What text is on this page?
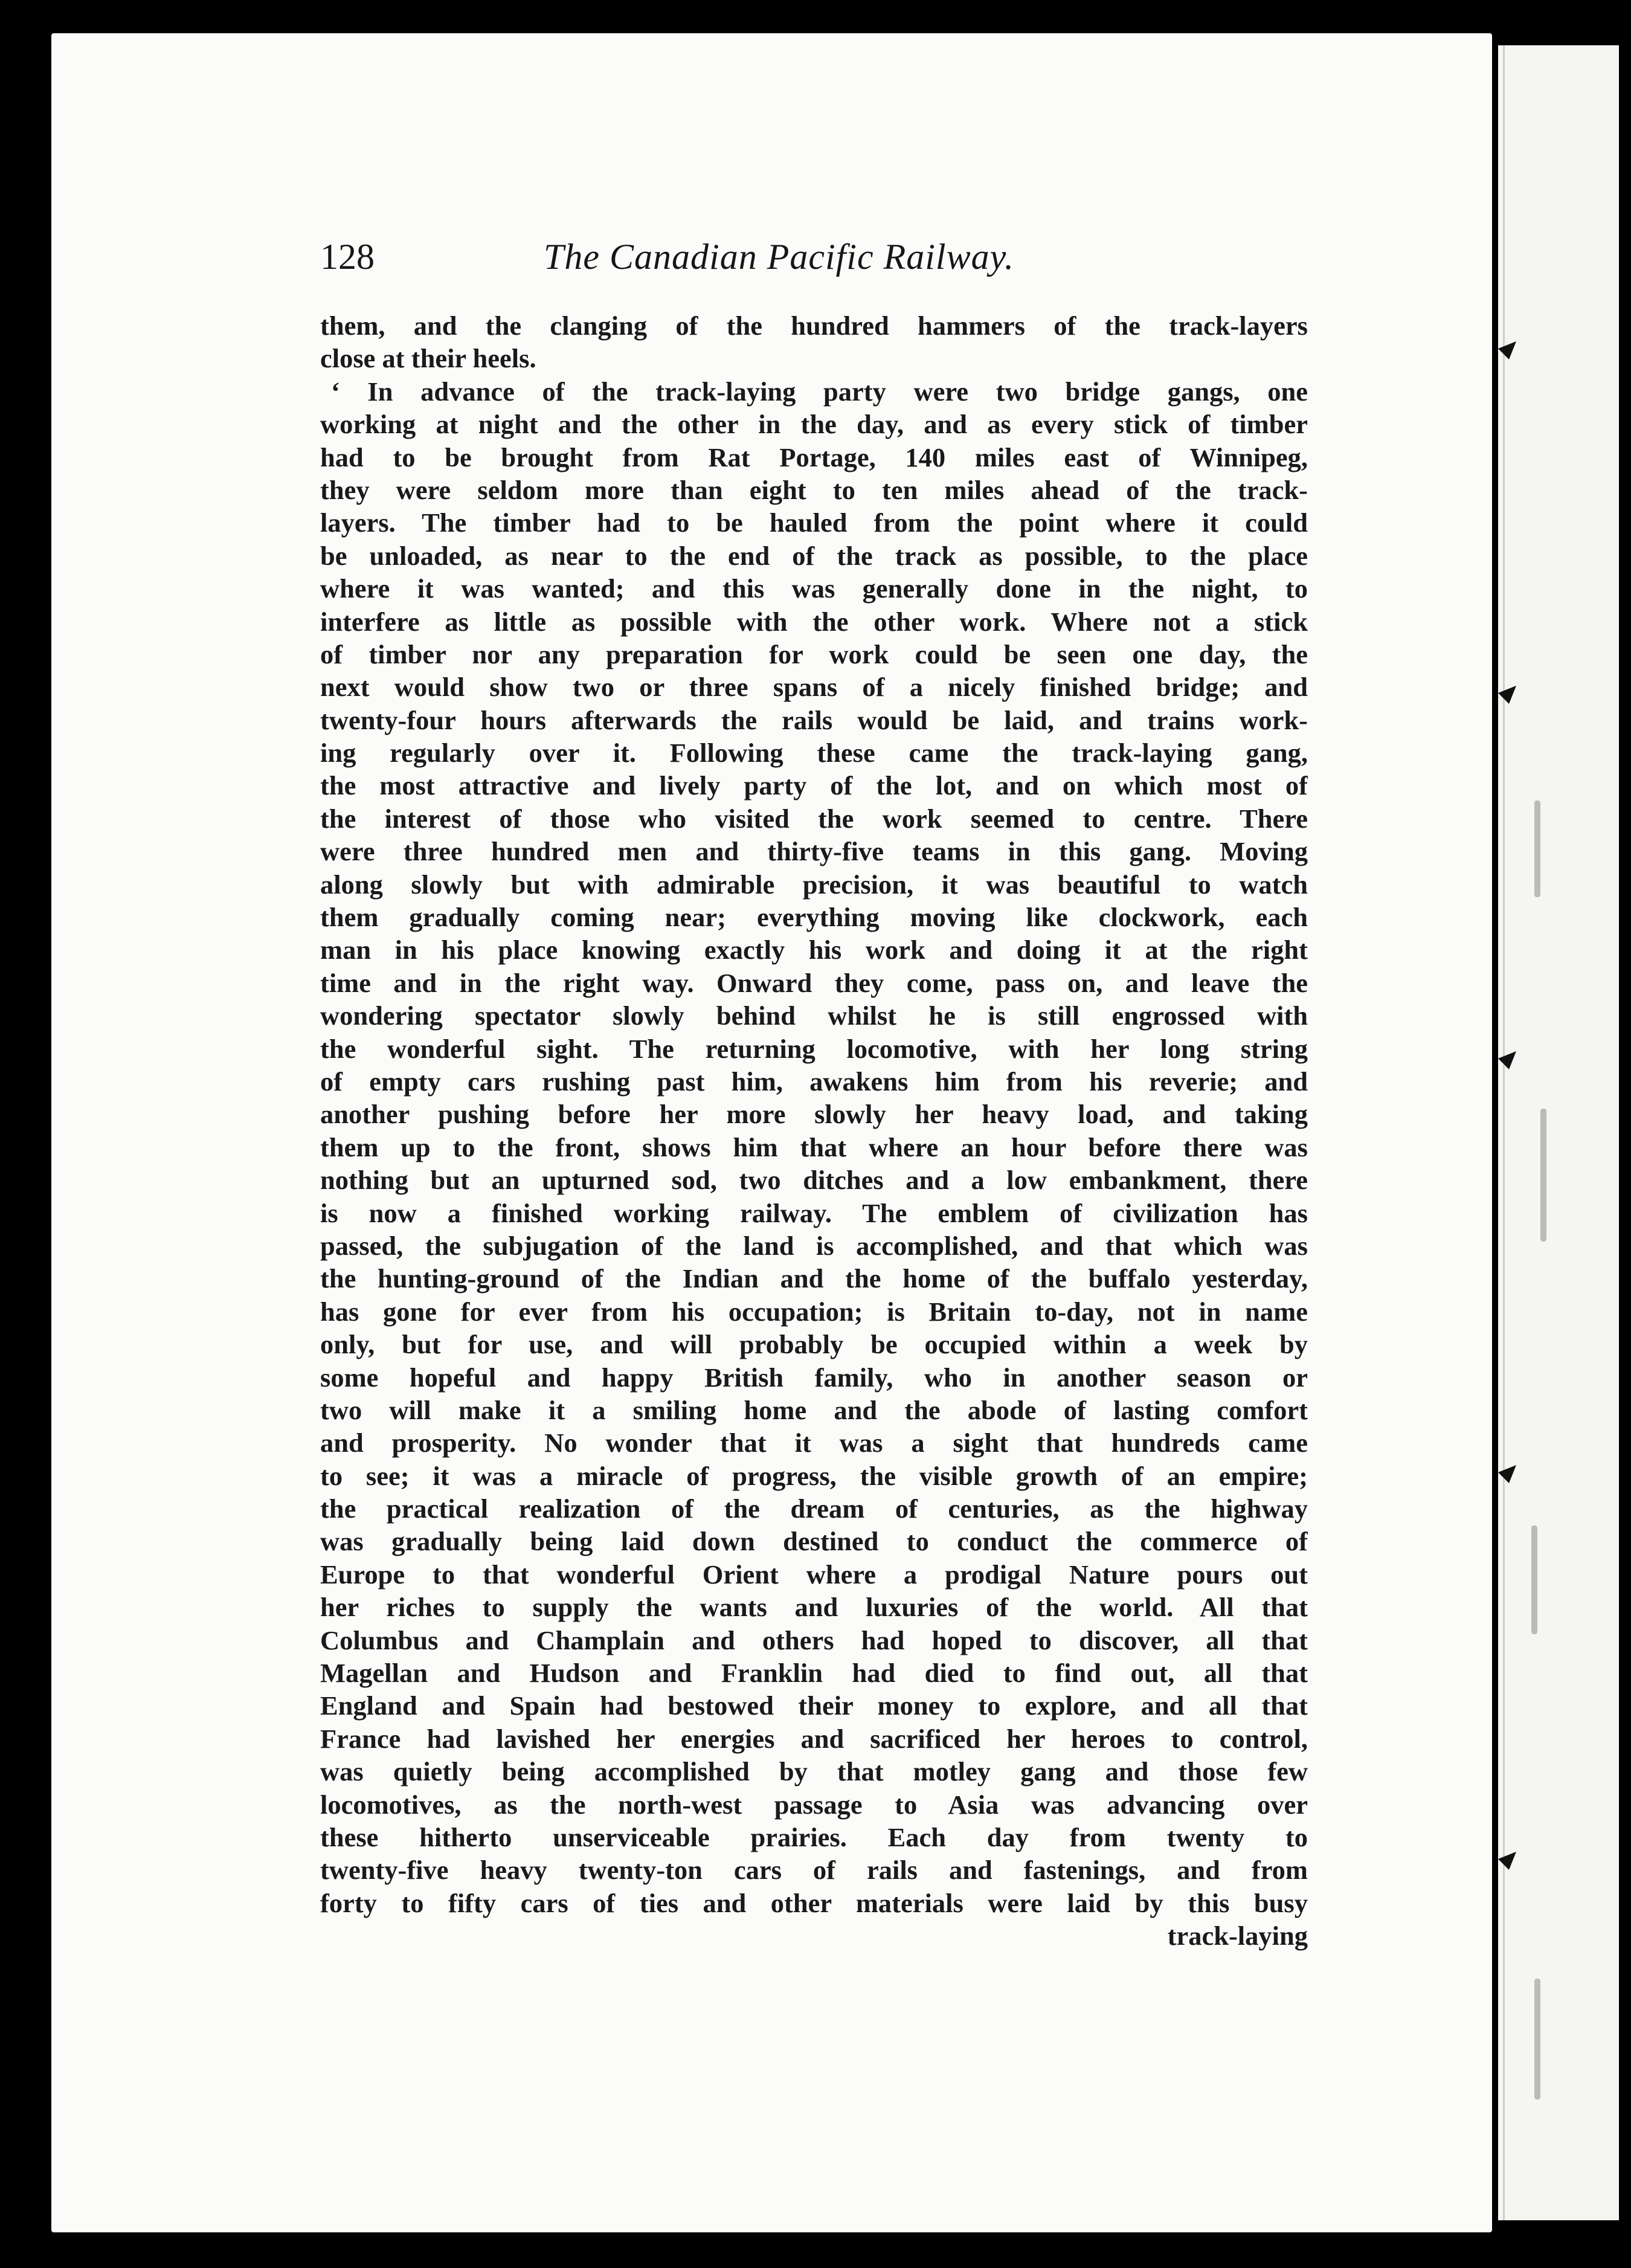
128	The Canadian Pacific Railway.
them, and the clanging of the hundred hammers of the track-layers
close at their heels.
‘ In advance of the track-laying party were two bridge gangs, one
working at night and the other in the day, and as every stick of timber
had to be brought from Rat Portage, 140 miles east of Winnipeg,
they were seldom more than eight to ten miles ahead of the track-
layers. The timber had to be hauled from the point where it could
be unloaded, as near to the end of the track as possible, to the place
where it was wanted; and this was generally done in the night, to
interfere as little as possible with the other work. Where not a stick
of timber nor any preparation for work could be seen one day, the
next would show two or three spans of a nicely finished bridge; and
twenty-four hours afterwards the rails would be laid, and trains work-
ing regularly over it. Following these came the track-laying gang,
the most attractive and lively party of the lot, and on which most of
the interest of those who visited the work seemed to centre. There
were three hundred men and thirty-five teams in this gang. Moving
along slowly but with admirable precision, it was beautiful to watch
them gradually coming near; everything moving like clockwork, each
man in his place knowing exactly his work and doing it at the right
time and in the right way. Onward they come, pass on, and leave the
wondering spectator slowly behind whilst he is still engrossed with
the wonderful sight. The returning locomotive, with her long string
of empty cars rushing past him, awakens him from his reverie; and
another pushing before her more slowly her heavy load, and taking
them up to the front, shows him that where an hour before there was
nothing but an upturned sod, two ditches and a low embankment, there
is now a finished working railway. The emblem of civilization has
passed, the subjugation of the land is accomplished, and that which was
the hunting-ground of the Indian and the home of the buffalo yesterday,
has gone for ever from his occupation; is Britain to-day, not in name
only, but for use, and will probably be occupied within a week by
some hopeful and happy British family, who in another season or
two will make it a smiling home and the abode of lasting comfort
and prosperity. No wonder that it was a sight that hundreds came
to see; it was a miracle of progress, the visible growth of an empire;
the practical realization of the dream of centuries, as the highway
was gradually being laid down destined to conduct the commerce of
Europe to that wonderful Orient where a prodigal Nature pours out
her riches to supply the wants and luxuries of the world. All that
Columbus and Champlain and others had hoped to discover, all that
Magellan and Hudson and Franklin had died to find out, all that
England and Spain had bestowed their money to explore, and all that
France had lavished her energies and sacrificed her heroes to control,
was quietly being accomplished by that motley gang and those few
locomotives, as the north-west passage to Asia was advancing over
these hitherto unserviceable prairies. Each day from twenty to
twenty-five heavy twenty-ton cars of rails and fastenings, and from
forty to fifty cars of ties and other materials were laid by this busy
track-laying
